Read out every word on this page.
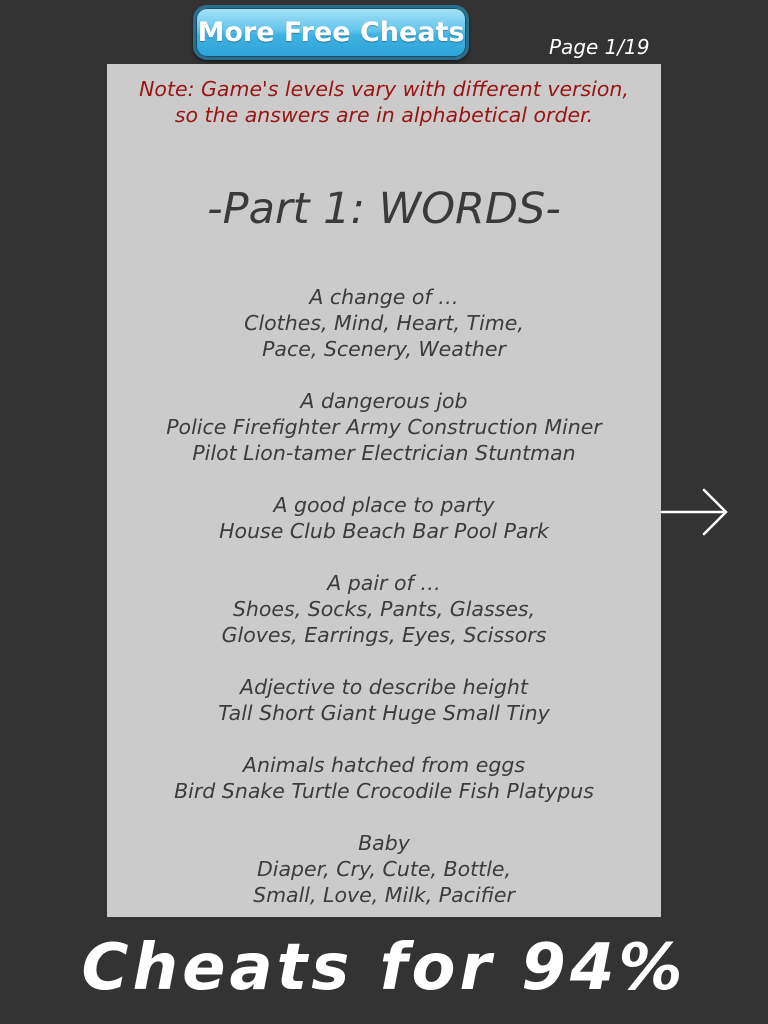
More Free Cheats	Page 1/19
Note: Game's levels vary with different version,
so the answers are in alphabetical order.
-Part 1: WORDS-
A change of …
Clothes, Mind, Heart, Time,
Pace, Scenery, Weather
A dangerous job
Police Firefighter Army Construction Miner
Pilot Lion-tamer Electrician Stuntman
A good place to party
House Club Beach Bar Pool Park
A pair of …
Shoes, Socks, Pants, Glasses,
Gloves, Earrings, Eyes, Scissors
Adjective to describe height
Tall Short Giant Huge Small Tiny
Animals hatched from eggs
Bird Snake Turtle Crocodile Fish Platypus
Baby
Diaper, Cry, Cute, Bottle,
Small, Love, Milk, Pacifier
Cheats for 94%
